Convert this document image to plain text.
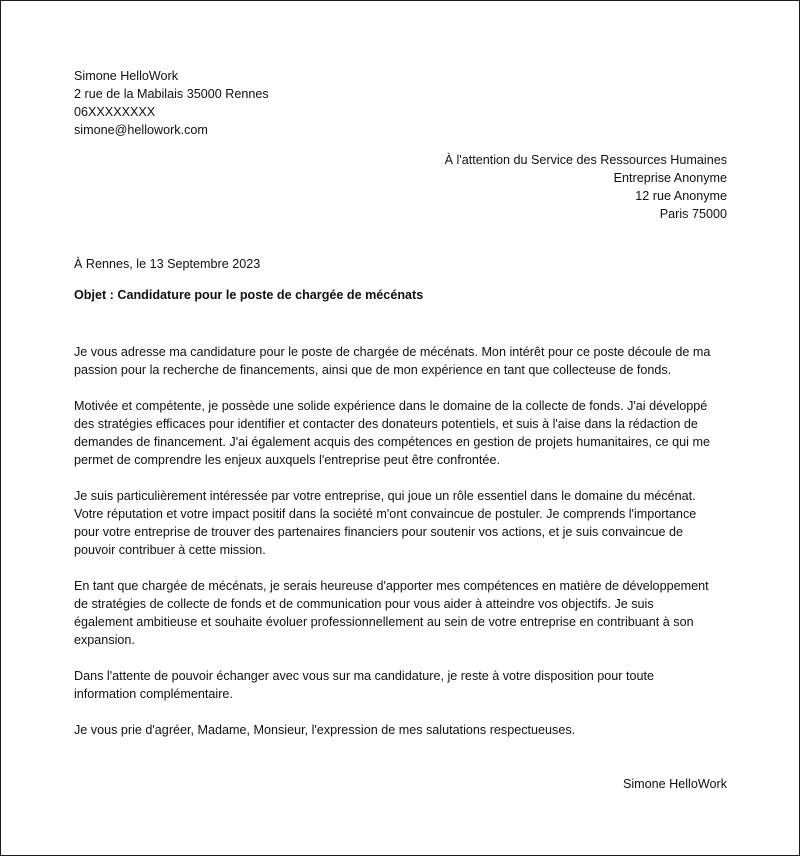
Simone HelloWork
2 rue de la Mabilais 35000 Rennes
06XXXXXXXX
simone@hellowork.com
À l'attention du Service des Ressources Humaines
Entreprise Anonyme
12 rue Anonyme
Paris 75000
À Rennes, le 13 Septembre 2023
Objet : Candidature pour le poste de chargée de mécénats

Je vous adresse ma candidature pour le poste de chargée de mécénats. Mon intérêt pour ce poste découle de ma
passion pour la recherche de financements, ainsi que de mon expérience en tant que collecteuse de fonds.

Motivée et compétente, je possède une solide expérience dans le domaine de la collecte de fonds. J'ai développé
des stratégies efficaces pour identifier et contacter des donateurs potentiels, et suis à l'aise dans la rédaction de
demandes de financement. J'ai également acquis des compétences en gestion de projets humanitaires, ce qui me
permet de comprendre les enjeux auxquels l'entreprise peut être confrontée.

Je suis particulièrement intéressée par votre entreprise, qui joue un rôle essentiel dans le domaine du mécénat.
Votre réputation et votre impact positif dans la société m'ont convaincue de postuler. Je comprends l'importance
pour votre entreprise de trouver des partenaires financiers pour soutenir vos actions, et je suis convaincue de
pouvoir contribuer à cette mission.

En tant que chargée de mécénats, je serais heureuse d'apporter mes compétences en matière de développement
de stratégies de collecte de fonds et de communication pour vous aider à atteindre vos objectifs. Je suis
également ambitieuse et souhaite évoluer professionnellement au sein de votre entreprise en contribuant à son
expansion.

Dans l'attente de pouvoir échanger avec vous sur ma candidature, je reste à votre disposition pour toute
information complémentaire.

Je vous prie d'agréer, Madame, Monsieur, l'expression de mes salutations respectueuses.

Simone HelloWork
